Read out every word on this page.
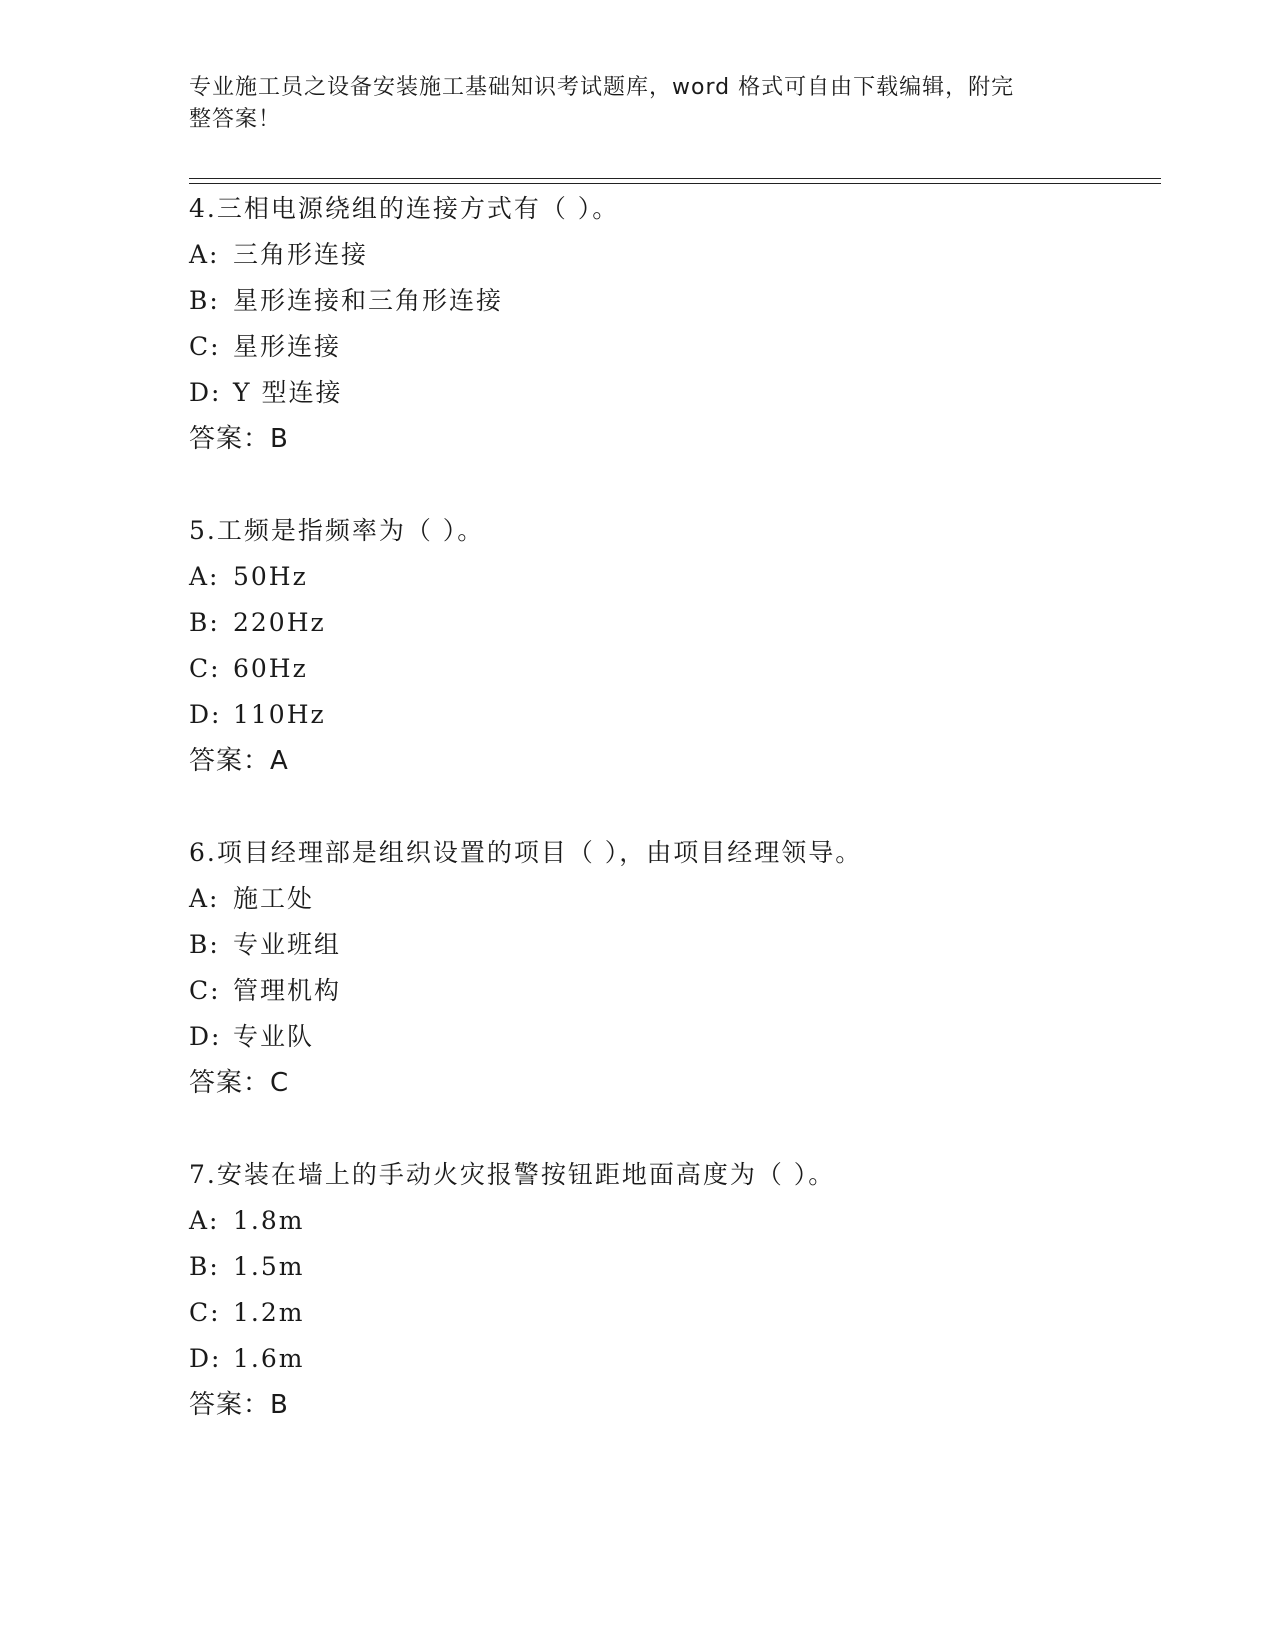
专业施工员之设备安装施工基础知识考试题库，word 格式可自由下载编辑，附完
整答案！
4.三相电源绕组的连接方式有（ ）。
A: 三角形连接
B: 星形连接和三角形连接
C: 星形连接
D: Y 型连接
答案：B
5.工频是指频率为（ ）。
A: 50Hz
B: 220Hz
C: 60Hz
D: 110Hz
答案：A
6.项目经理部是组织设置的项目（ ），由项目经理领导。
A: 施工处
B: 专业班组
C: 管理机构
D: 专业队
答案：C
7.安装在墙上的手动火灾报警按钮距地面高度为（ ）。
A: 1.8m
B: 1.5m
C: 1.2m
D: 1.6m
答案：B
